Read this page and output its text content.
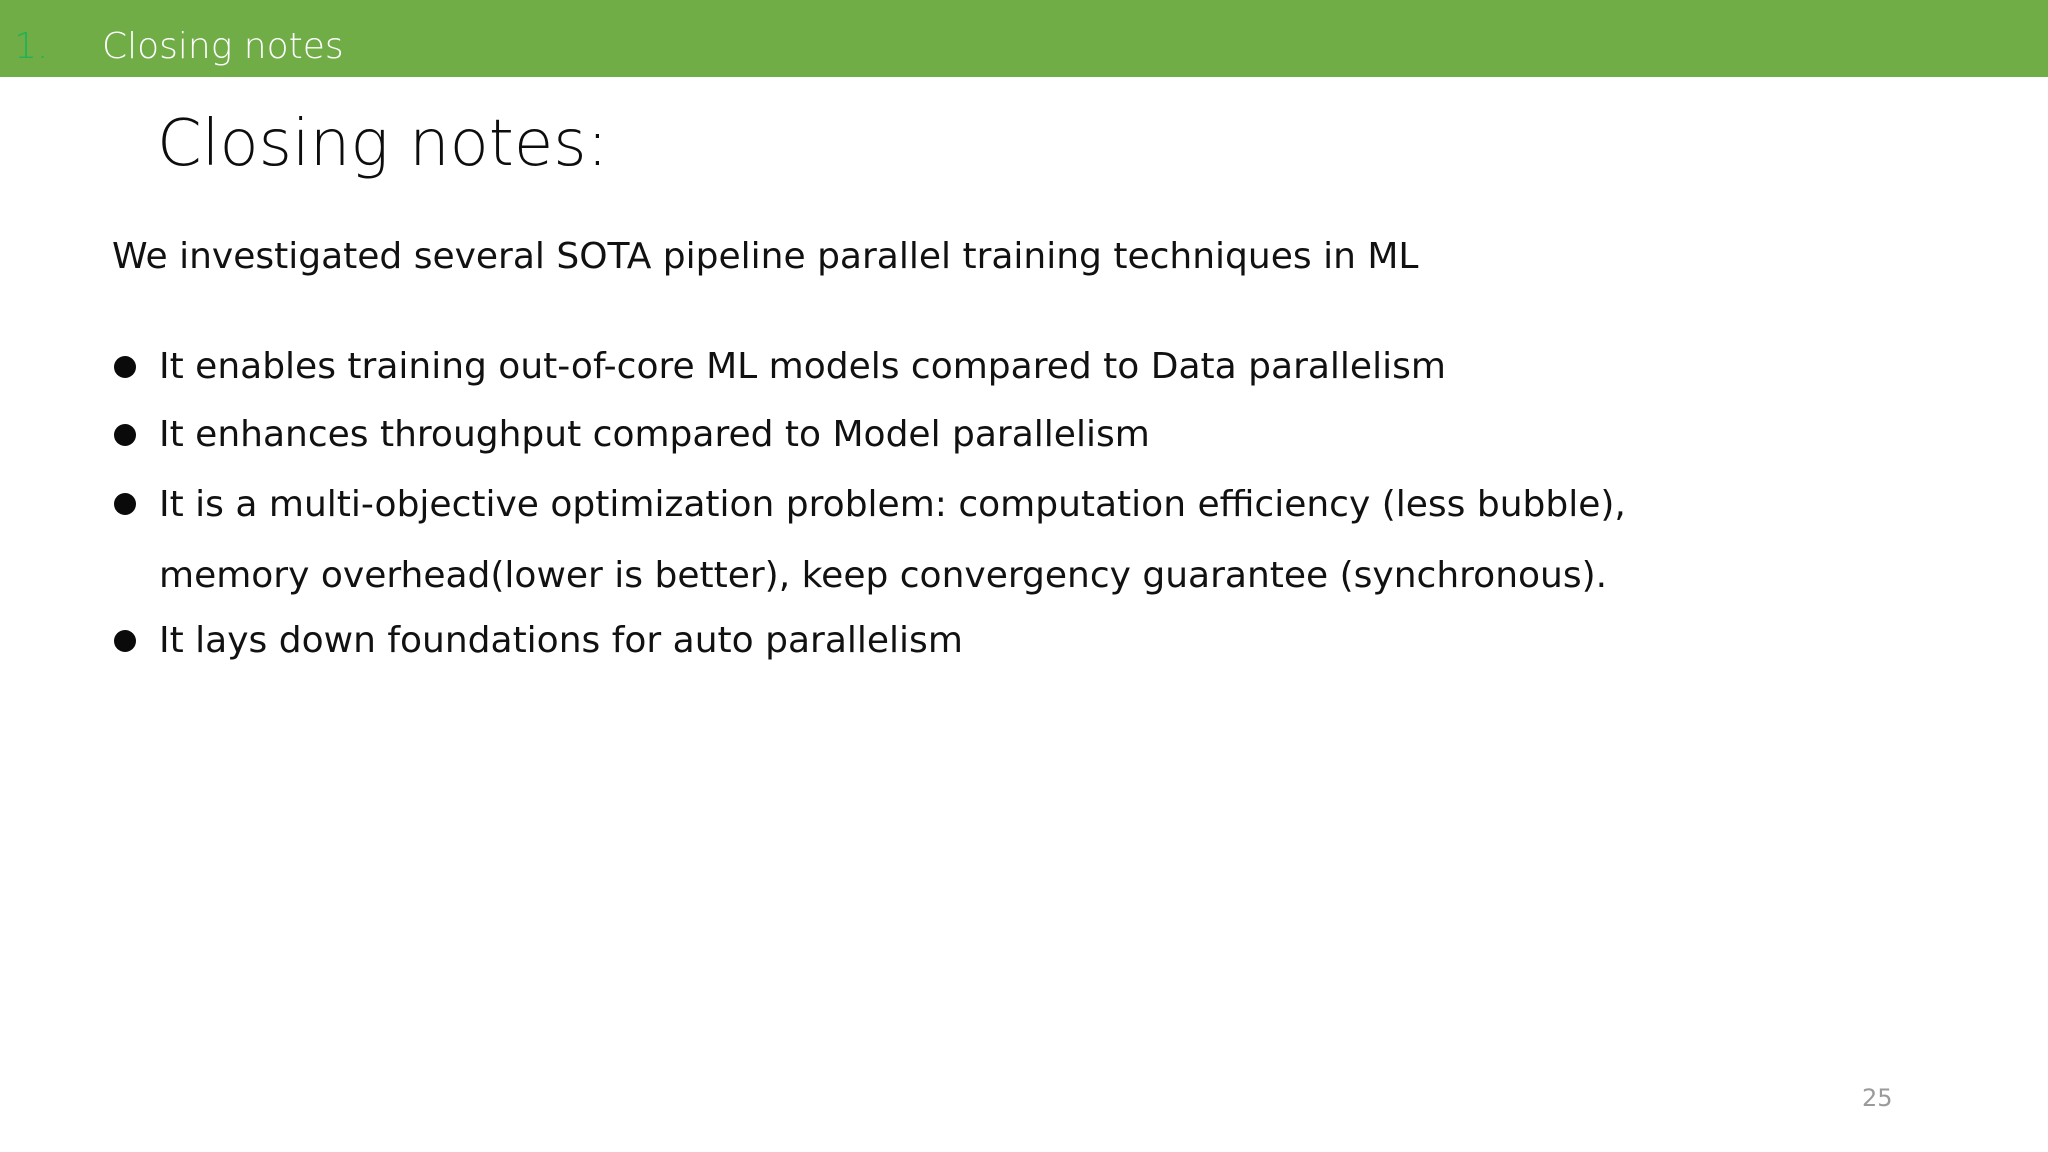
1. Closing notes
Closing notes:
We investigated several SOTA pipeline parallel training techniques in ML
It enables training out-of-core ML models compared to Data parallelism
It enhances throughput compared to Model parallelism
It is a multi-objective optimization problem: computation efficiency (less bubble), memory overhead(lower is better), keep convergency guarantee (synchronous).
It lays down foundations for auto parallelism
25
